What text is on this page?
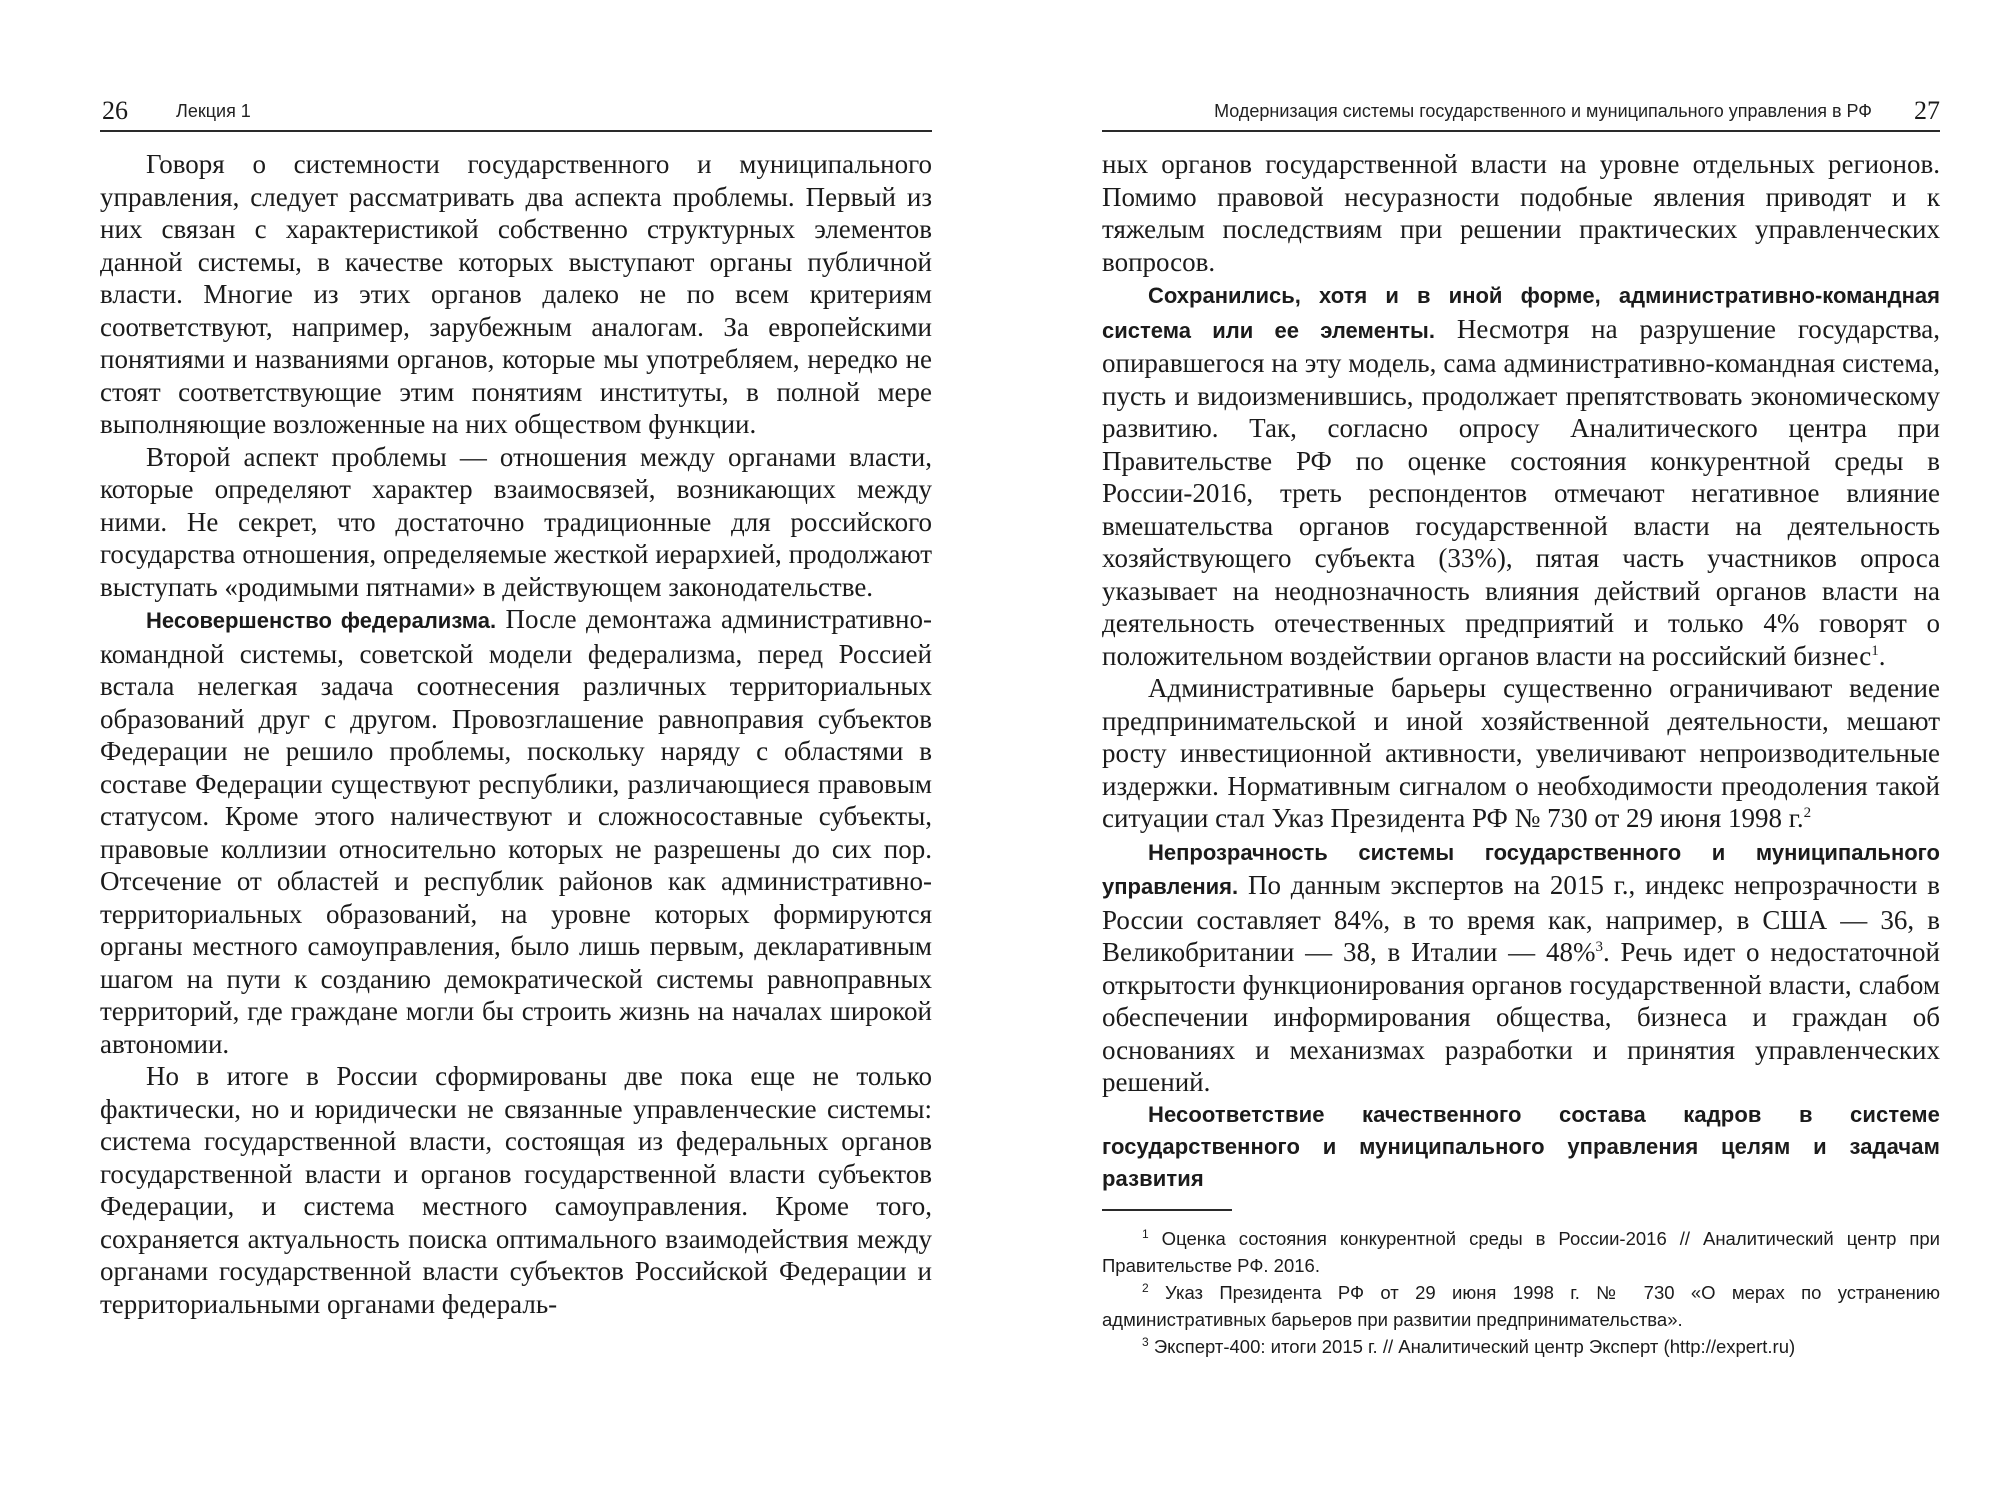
26	Лекция 1

Говоря о системности государственного и муниципального управления, следует рассматривать два аспекта проблемы. Первый из них связан с характеристикой собственно структурных элементов данной системы, в качестве которых выступают органы публичной власти. Многие из этих органов далеко не по всем критериям соответствуют, например, зарубежным аналогам. За европейскими понятиями и названиями органов, которые мы употребляем, нередко не стоят соответствующие этим понятиям институты, в полной мере выполняющие возложенные на них обществом функции.

Второй аспект проблемы — отношения между органами власти, которые определяют характер взаимосвязей, возникающих между ними. Не секрет, что достаточно традиционные для российского государства отношения, определяемые жесткой иерархией, продолжают выступать «родимыми пятнами» в действующем законодательстве.

Несовершенство федерализма. После демонтажа административно-командной системы, советской модели федерализма, перед Россией встала нелегкая задача соотнесения различных территориальных образований друг с другом. Провозглашение равноправия субъектов Федерации не решило проблемы, поскольку наряду с областями в составе Федерации существуют республики, различающиеся правовым статусом. Кроме этого наличествуют и сложносоставные субъекты, правовые коллизии относительно которых не разрешены до сих пор. Отсечение от областей и республик районов как административно-территориальных образований, на уровне которых формируются органы местного самоуправления, было лишь первым, декларативным шагом на пути к созданию демократической системы равноправных территорий, где граждане могли бы строить жизнь на началах широкой автономии.

Но в итоге в России сформированы две пока еще не только фактически, но и юридически не связанные управленческие системы: система государственной власти, состоящая из федеральных органов государственной власти и органов государственной власти субъектов Федерации, и система местного самоуправления. Кроме того, сохраняется актуальность поиска оптимального взаимодействия между органами государственной власти субъектов Российской Федерации и территориальными органами федераль-

Модернизация системы государственного и муниципального управления в РФ 27

ных органов государственной власти на уровне отдельных регионов. Помимо правовой несуразности подобные явления приводят и к тяжелым последствиям при решении практических управленческих вопросов.

Сохранились, хотя и в иной форме, административно-командная система или ее элементы. Несмотря на разрушение государства, опиравшегося на эту модель, сама административно-командная система, пусть и видоизменившись, продолжает препятствовать экономическому развитию. Так, согласно опросу Аналитического центра при Правительстве РФ по оценке состояния конкурентной среды в России-2016, треть респондентов отмечают негативное влияние вмешательства органов государственной власти на деятельность хозяйствующего субъекта (33%), пятая часть участников опроса указывает на неоднозначность влияния действий органов власти на деятельность отечественных предприятий и только 4% говорят о положительном воздействии органов власти на российский бизнес$^1$.

Административные барьеры существенно ограничивают ведение предпринимательской и иной хозяйственной деятельности, мешают росту инвестиционной активности, увеличивают непроизводительные издержки. Нормативным сигналом о необходимости преодоления такой ситуации стал Указ Президента РФ № 730 от 29 июня 1998 г.$^2$

Непрозрачность системы государственного и муниципального управления. По данным экспертов на 2015 г., индекс непрозрачности в России составляет 84%, в то время как, например, в США — 36, в Великобритании — 38, в Италии — 48%$^3$. Речь идет о недостаточной открытости функционирования органов государственной власти, слабом обеспечении информирования общества, бизнеса и граждан об основаниях и механизмах разработки и принятия управленческих решений.

Несоответствие качественного состава кадров в системе государственного и муниципального управления целям и задачам развития

$^1$ Оценка состояния конкурентной среды в России-2016 // Аналитический центр при Правительстве РФ. 2016.

$^2$ Указ Президента РФ от 29 июня 1998 г. № 730 «О мерах по устранению административных барьеров при развитии предпринимательства».

$^3$ Эксперт-400: итоги 2015 г. // Аналитический центр Эксперт (http://expert.ru)
